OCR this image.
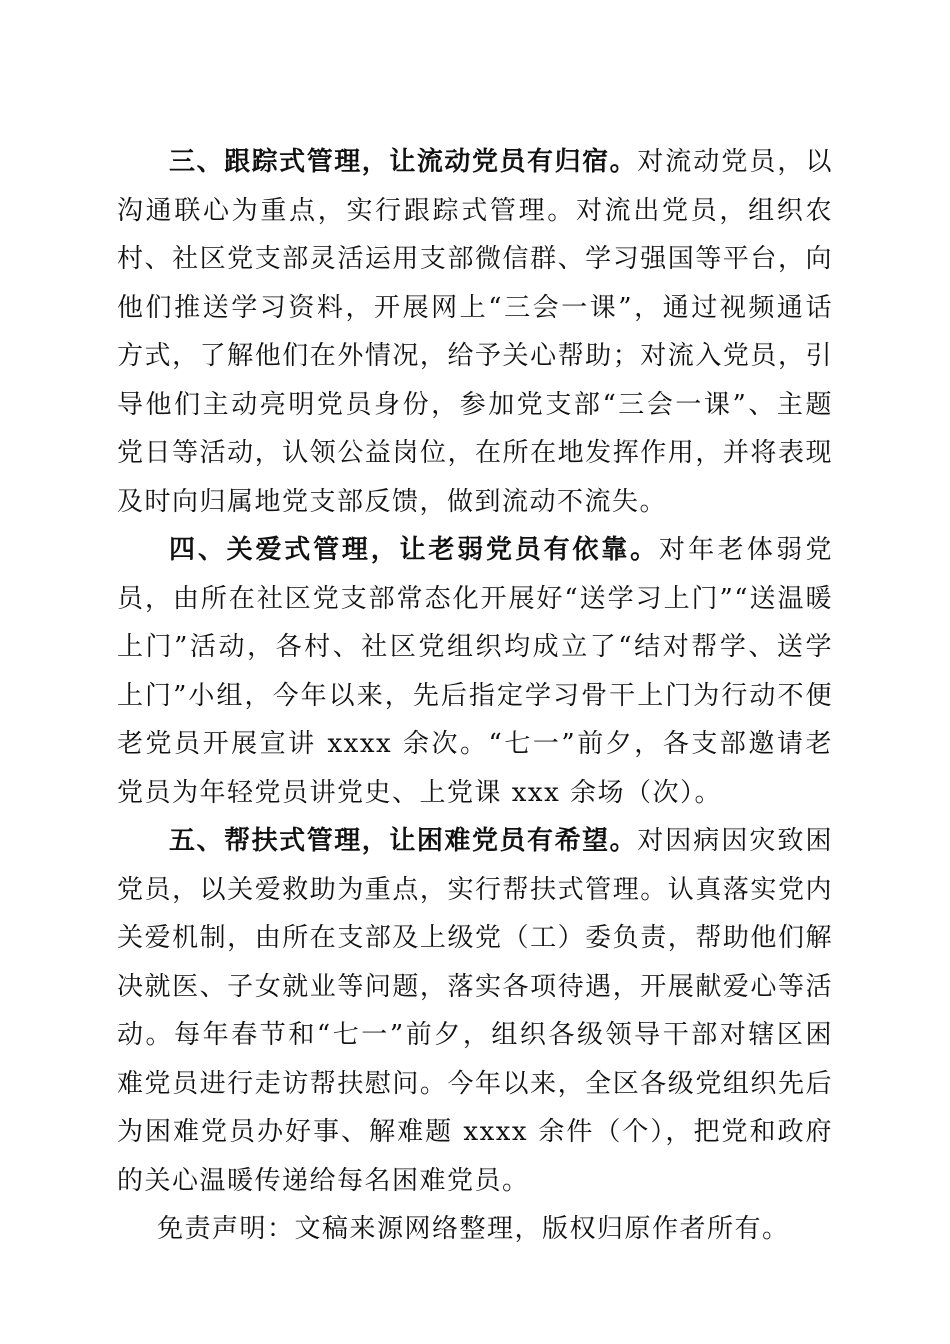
三、跟踪式管理，让流动党员有归宿。对流动党员，以沟通联心为重点，实行跟踪式管理。对流出党员，组织农村、社区党支部灵活运用支部微信群、学习强国等平台，向他们推送学习资料，开展网上“三会一课”，通过视频通话方式，了解他们在外情况，给予关心帮助；对流入党员，引导他们主动亮明党员身份，参加党支部“三会一课”、主题党日等活动，认领公益岗位，在所在地发挥作用，并将表现及时向归属地党支部反馈，做到流动不流失。

四、关爱式管理，让老弱党员有依靠。对年老体弱党员，由所在社区党支部常态化开展好“送学习上门”“送温暖上门”活动，各村、社区党组织均成立了“结对帮学、送学上门”小组，今年以来，先后指定学习骨干上门为行动不便老党员开展宣讲 xxxx 余次。“七一”前夕，各支部邀请老党员为年轻党员讲党史、上党课 xxx 余场（次）。

五、帮扶式管理，让困难党员有希望。对因病因灾致困党员，以关爱救助为重点，实行帮扶式管理。认真落实党内关爱机制，由所在支部及上级党（工）委负责，帮助他们解决就医、子女就业等问题，落实各项待遇，开展献爱心等活动。每年春节和“七一”前夕，组织各级领导干部对辖区困难党员进行走访帮扶慰问。今年以来，全区各级党组织先后为困难党员办好事、解难题 xxxx 余件（个），把党和政府的关心温暖传递给每名困难党员。

免责声明：文稿来源网络整理，版权归原作者所有。
